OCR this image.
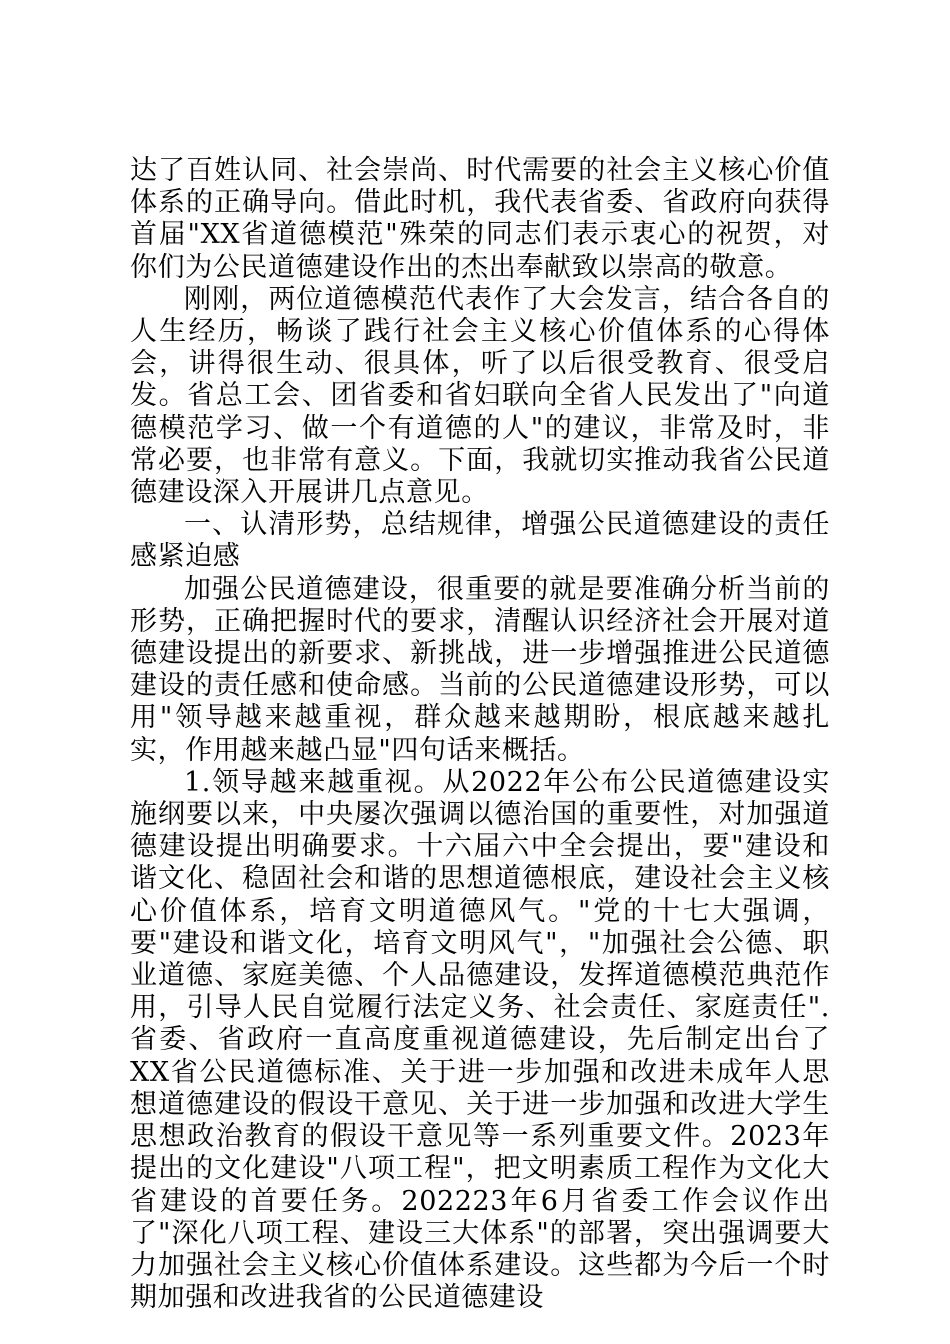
达了百姓认同、社会崇尚、时代需要的社会主义核心价值体系的正确导向。借此时机，我代表省委、省政府向获得首届"XX省道德模范"殊荣的同志们表示衷心的祝贺，对你们为公民道德建设作出的杰出奉献致以崇高的敬意。

刚刚，两位道德模范代表作了大会发言，结合各自的人生经历，畅谈了践行社会主义核心价值体系的心得体会，讲得很生动、很具体，听了以后很受教育、很受启发。省总工会、团省委和省妇联向全省人民发出了"向道德模范学习、做一个有道德的人"的建议，非常及时，非常必要，也非常有意义。下面，我就切实推动我省公民道德建设深入开展讲几点意见。

一、认清形势，总结规律，增强公民道德建设的责任感紧迫感

加强公民道德建设，很重要的就是要准确分析当前的形势，正确把握时代的要求，清醒认识经济社会开展对道德建设提出的新要求、新挑战，进一步增强推进公民道德建设的责任感和使命感。当前的公民道德建设形势，可以用"领导越来越重视，群众越来越期盼，根底越来越扎实，作用越来越凸显"四句话来概括。

1.领导越来越重视。从2022年公布公民道德建设实施纲要以来，中央屡次强调以德治国的重要性，对加强道德建设提出明确要求。十六届六中全会提出，要"建设和谐文化、稳固社会和谐的思想道德根底，建设社会主义核心价值体系，培育文明道德风气。"党的十七大强调，要"建设和谐文化，培育文明风气"，"加强社会公德、职业道德、家庭美德、个人品德建设，发挥道德模范典范作用，引导人民自觉履行法定义务、社会责任、家庭责任".省委、省政府一直高度重视道德建设，先后制定出台了XX省公民道德标准、关于进一步加强和改进未成年人思想道德建设的假设干意见、关于进一步加强和改进大学生思想政治教育的假设干意见等一系列重要文件。2023年提出的文化建设"八项工程"，把文明素质工程作为文化大省建设的首要任务。202223年6月省委工作会议作出了"深化八项工程、建设三大体系"的部署，突出强调要大力加强社会主义核心价值体系建设。这些都为今后一个时期加强和改进我省的公民道德建设
